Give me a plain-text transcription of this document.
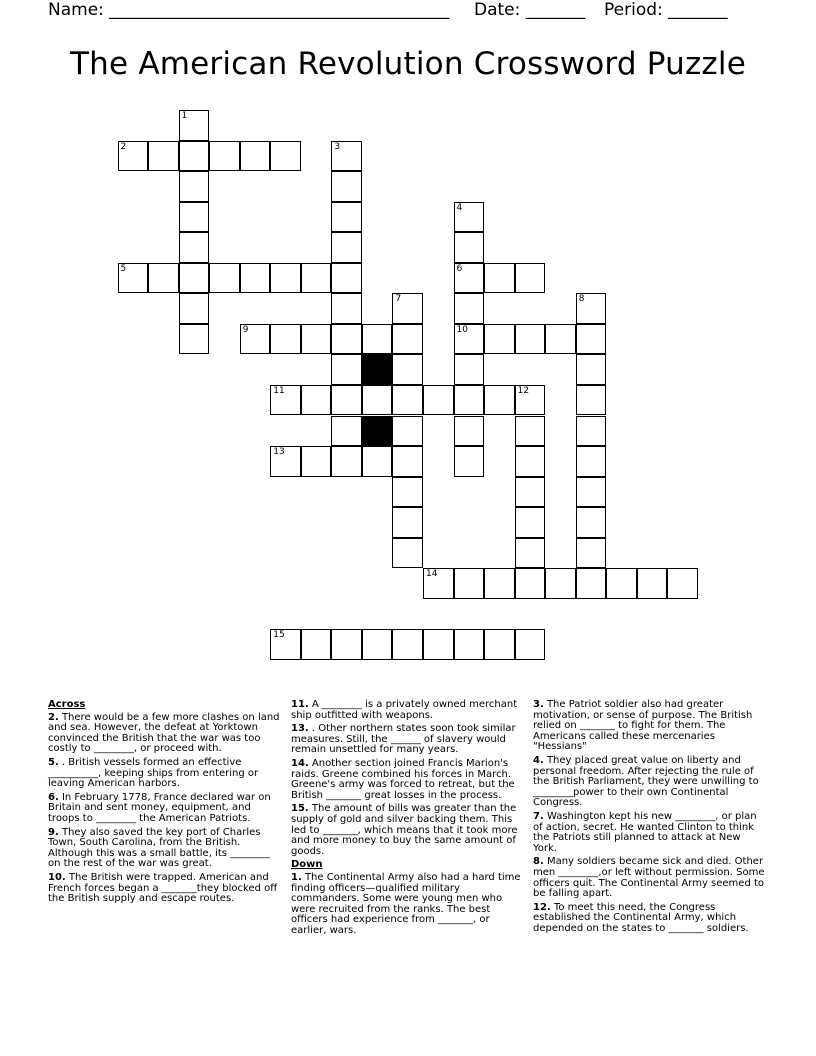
Name: ________________________________________

Date: _______

Period: _______

The American Revolution Crossword Puzzle
2
5	6
9	10
11	12
13
14
15
1
3
4
7	8
Across
2. There would be a few more clashes on land and sea. However, the defeat at Yorktown convinced the British that the war was too costly to ________, or proceed with.
5. . British vessels formed an effective __________, keeping ships from entering or leaving American harbors.
6. In February 1778, France declared war on Britain and sent money, equipment, and troops to ________ the American Patriots.
9. They also saved the key port of Charles Town, South Carolina, from the British. Although this was a small battle, its ________ on the rest of the war was great.
10. The British were trapped. American and French forces began a _______they blocked off the British supply and escape routes.
11. A ________ is a privately owned merchant ship outfitted with weapons.
13. . Other northern states soon took similar measures. Still, the ______ of slavery would remain unsettled for many years.
14. Another section joined Francis Marion's raids. Greene combined his forces in March. Greene's army was forced to retreat, but the British _______ great losses in the process.
15. The amount of bills was greater than the supply of gold and silver backing them. This led to _______, which means that it took more and more money to buy the same amount of goods.
Down
1. The Continental Army also had a hard time finding officers—qualified military commanders. Some were young men who were recruited from the ranks. The best officers had experience from _______, or earlier, wars.
3. The Patriot soldier also had greater motivation, or sense of purpose. The British relied on _______ to fight for them. The Americans called these mercenaries "Hessians"
4. They placed great value on liberty and personal freedom. After rejecting the rule of the British Parliament, they were unwilling to ________power to their own Continental Congress.
7. Washington kept his new ________, or plan of action, secret. He wanted Clinton to think the Patriots still planned to attack at New York.
8. Many soldiers became sick and died. Other men ________,or left without permission. Some officers quit. The Continental Army seemed to be falling apart.
12. To meet this need, the Congress established the Continental Army, which depended on the states to _______ soldiers.
